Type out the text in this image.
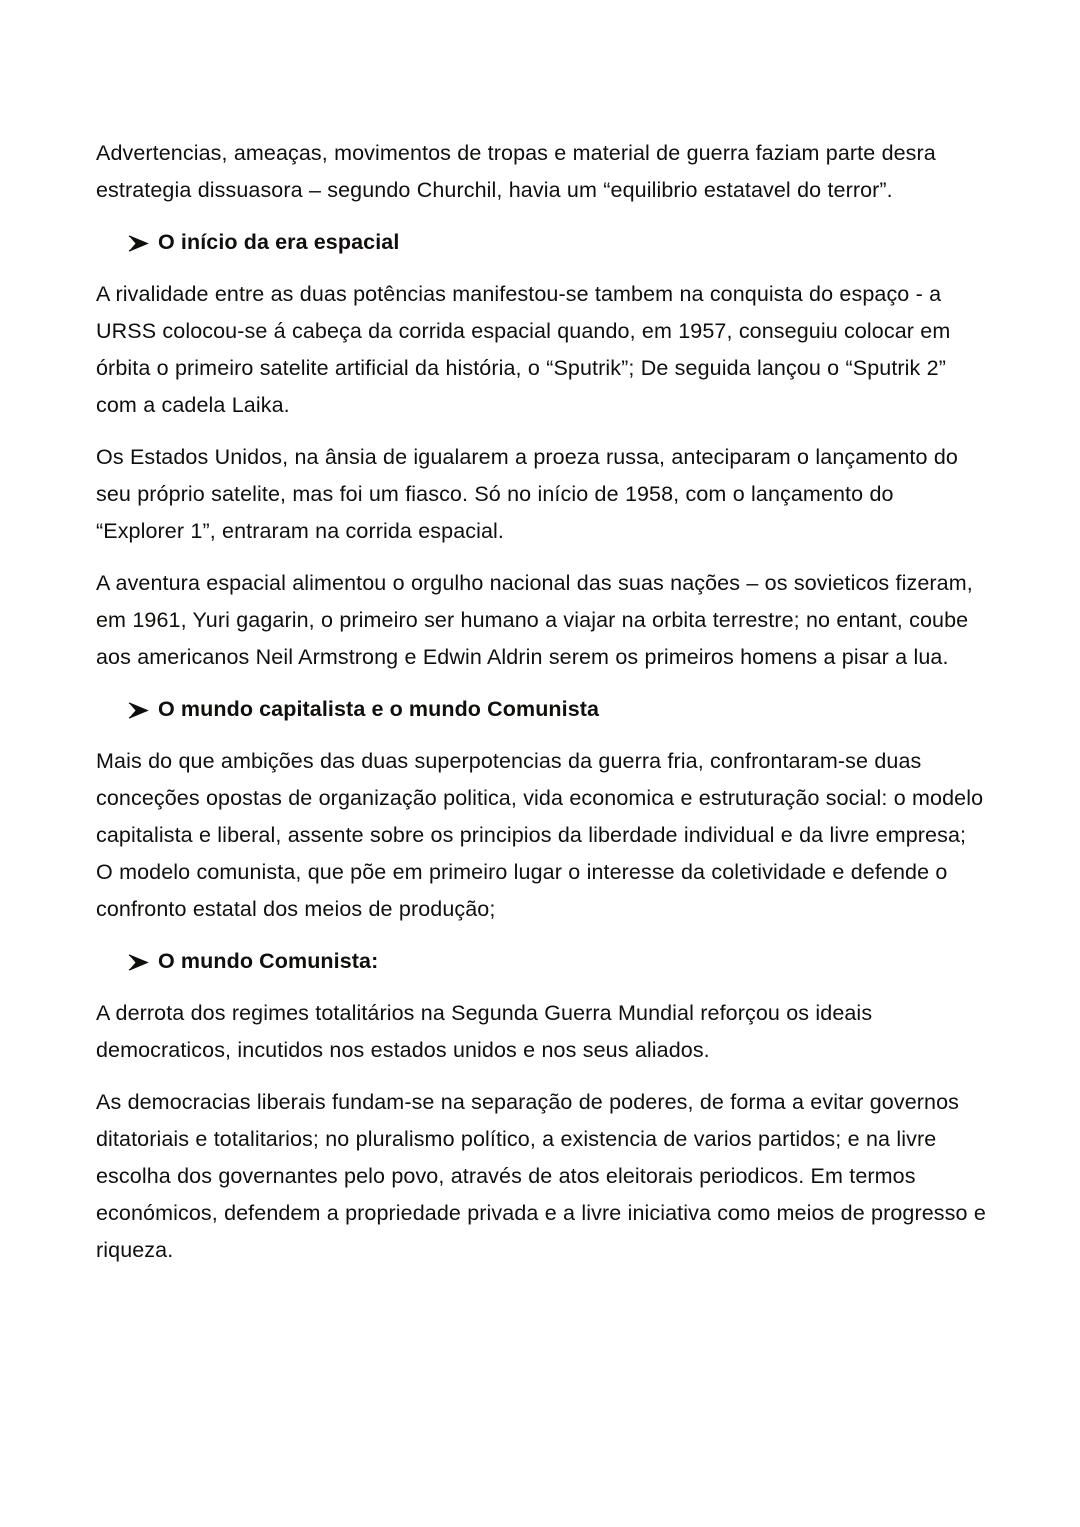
Advertencias, ameaças, movimentos de tropas e material de guerra faziam parte desra estrategia dissuasora – segundo Churchil, havia um “equilibrio estatavel do terror”.

O início da era espacial

A rivalidade entre as duas potências manifestou-se tambem na conquista do espaço - a URSS colocou-se á cabeça da corrida espacial quando, em 1957, conseguiu colocar em órbita o primeiro satelite artificial da história, o “Sputrik”; De seguida lançou o “Sputrik 2” com a cadela Laika.

Os Estados Unidos, na ânsia de igualarem a proeza russa, anteciparam o lançamento do seu próprio satelite, mas foi um fiasco. Só no início de 1958, com o lançamento do “Explorer 1”, entraram na corrida espacial.

A aventura espacial alimentou o orgulho nacional das suas nações – os sovieticos fizeram, em 1961, Yuri gagarin, o primeiro ser humano a viajar na orbita terrestre; no entant, coube aos americanos Neil Armstrong e Edwin Aldrin serem os primeiros homens a pisar a lua.

O mundo capitalista e o mundo Comunista

Mais do que ambições das duas superpotencias da guerra fria, confrontaram-se duas conceções opostas de organização politica, vida economica e estruturação social: o modelo capitalista e liberal, assente sobre os principios da liberdade individual e da livre empresa; O modelo comunista, que põe em primeiro lugar o interesse da coletividade e defende o confronto estatal dos meios de produção;

O mundo Comunista:

A derrota dos regimes totalitários na Segunda Guerra Mundial reforçou os ideais democraticos, incutidos nos estados unidos e nos seus aliados.

As democracias liberais fundam-se na separação de poderes, de forma a evitar governos ditatoriais e totalitarios; no pluralismo político, a existencia de varios partidos; e na livre escolha dos governantes pelo povo, através de atos eleitorais periodicos. Em termos económicos, defendem a propriedade privada e a livre iniciativa como meios de progresso e riqueza.
